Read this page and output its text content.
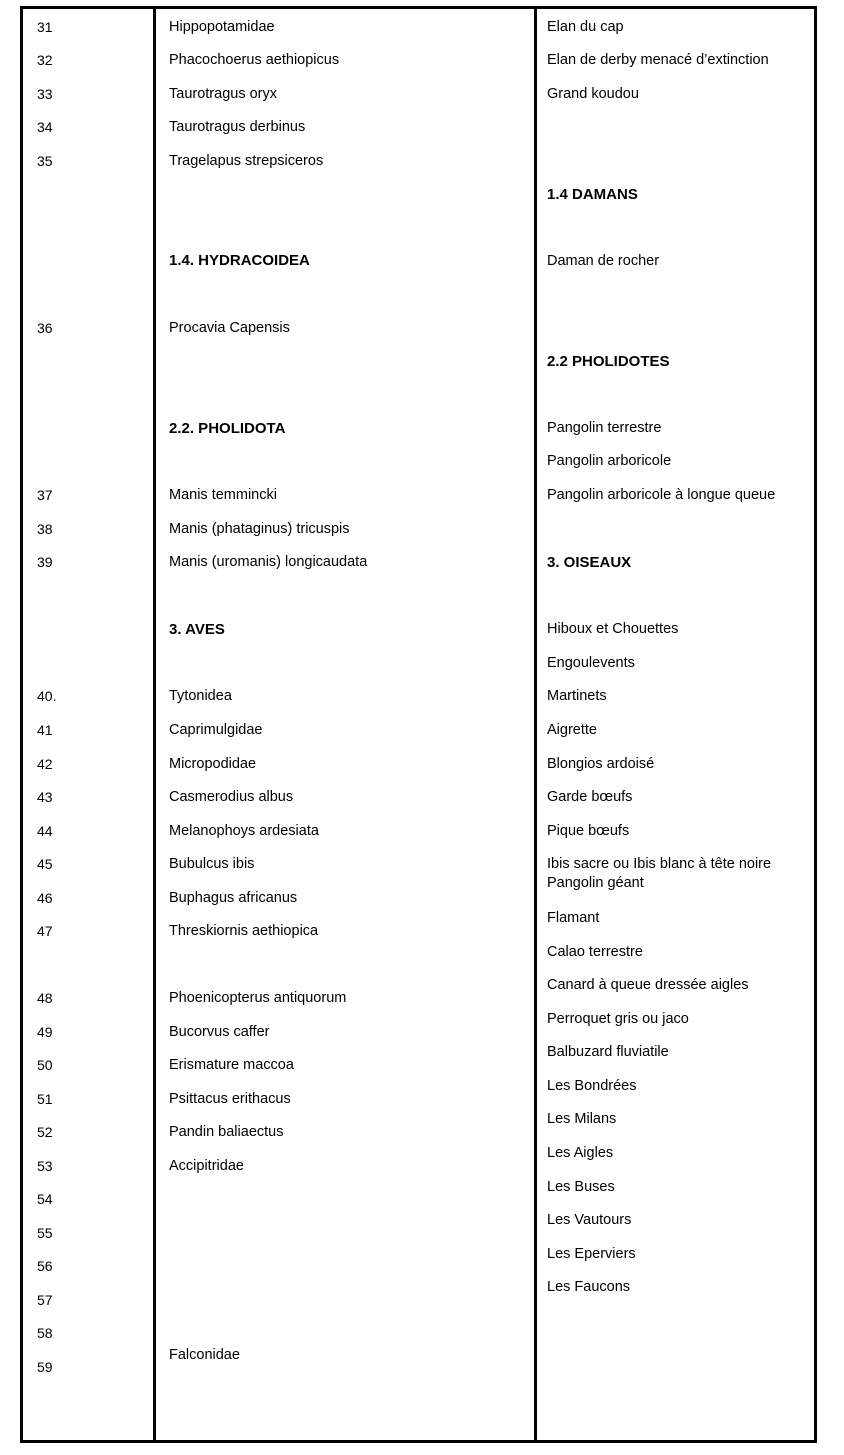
31
32
33
34
35
36
37
38
39
40.
41
42
43
44
45
46
47
48
49
50
51
52
53
54
55
56
57
58
59
Hippopotamidae
Phacochoerus aethiopicus
Taurotragus oryx
Taurotragus derbinus
Tragelapus strepsiceros
1.4. HYDRACOIDEA
Procavia Capensis
2.2. PHOLIDOTA
Manis temmincki
Manis (phataginus) tricuspis
Manis (uromanis) longicaudata
3. AVES
Tytonidea
Caprimulgidae
Micropodidae
Casmerodius albus
Melanophoys ardesiata
Bubulcus ibis
Buphagus africanus
Threskiornis aethiopica
Phoenicopterus antiquorum
Bucorvus caffer
Erismature maccoa
Psittacus erithacus
Pandin baliaectus
Accipitridae
Falconidae
Elan du cap
Elan de derby menacé d’extinction
Grand koudou
1.4 DAMANS
Daman de rocher
2.2 PHOLIDOTES
Pangolin terrestre
Pangolin arboricole
Pangolin arboricole à longue queue
3. OISEAUX
Hiboux et Chouettes
Engoulevents
Martinets
Aigrette
Blongios ardoisé
Garde bœufs
Pique bœufs
Ibis sacre ou Ibis blanc à tête noire
Pangolin géant
Flamant
Calao terrestre
Canard à queue dressée aigles
Perroquet gris ou jaco
Balbuzard fluviatile
Les Bondrées
Les Milans
Les Aigles
Les Buses
Les Vautours
Les Eperviers
Les Faucons
